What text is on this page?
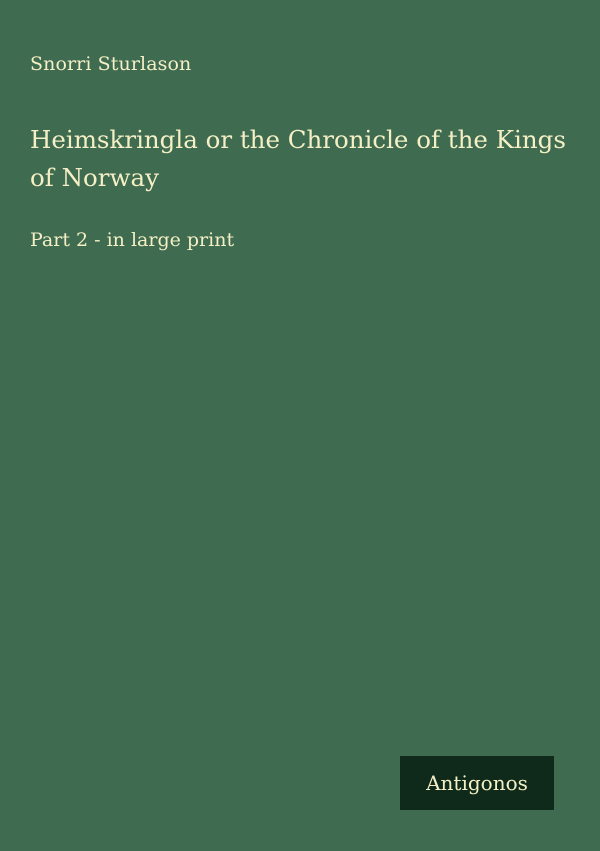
Snorri Sturlason
Heimskringla or the Chronicle of the Kings of Norway
Part 2 - in large print
Antigonos
